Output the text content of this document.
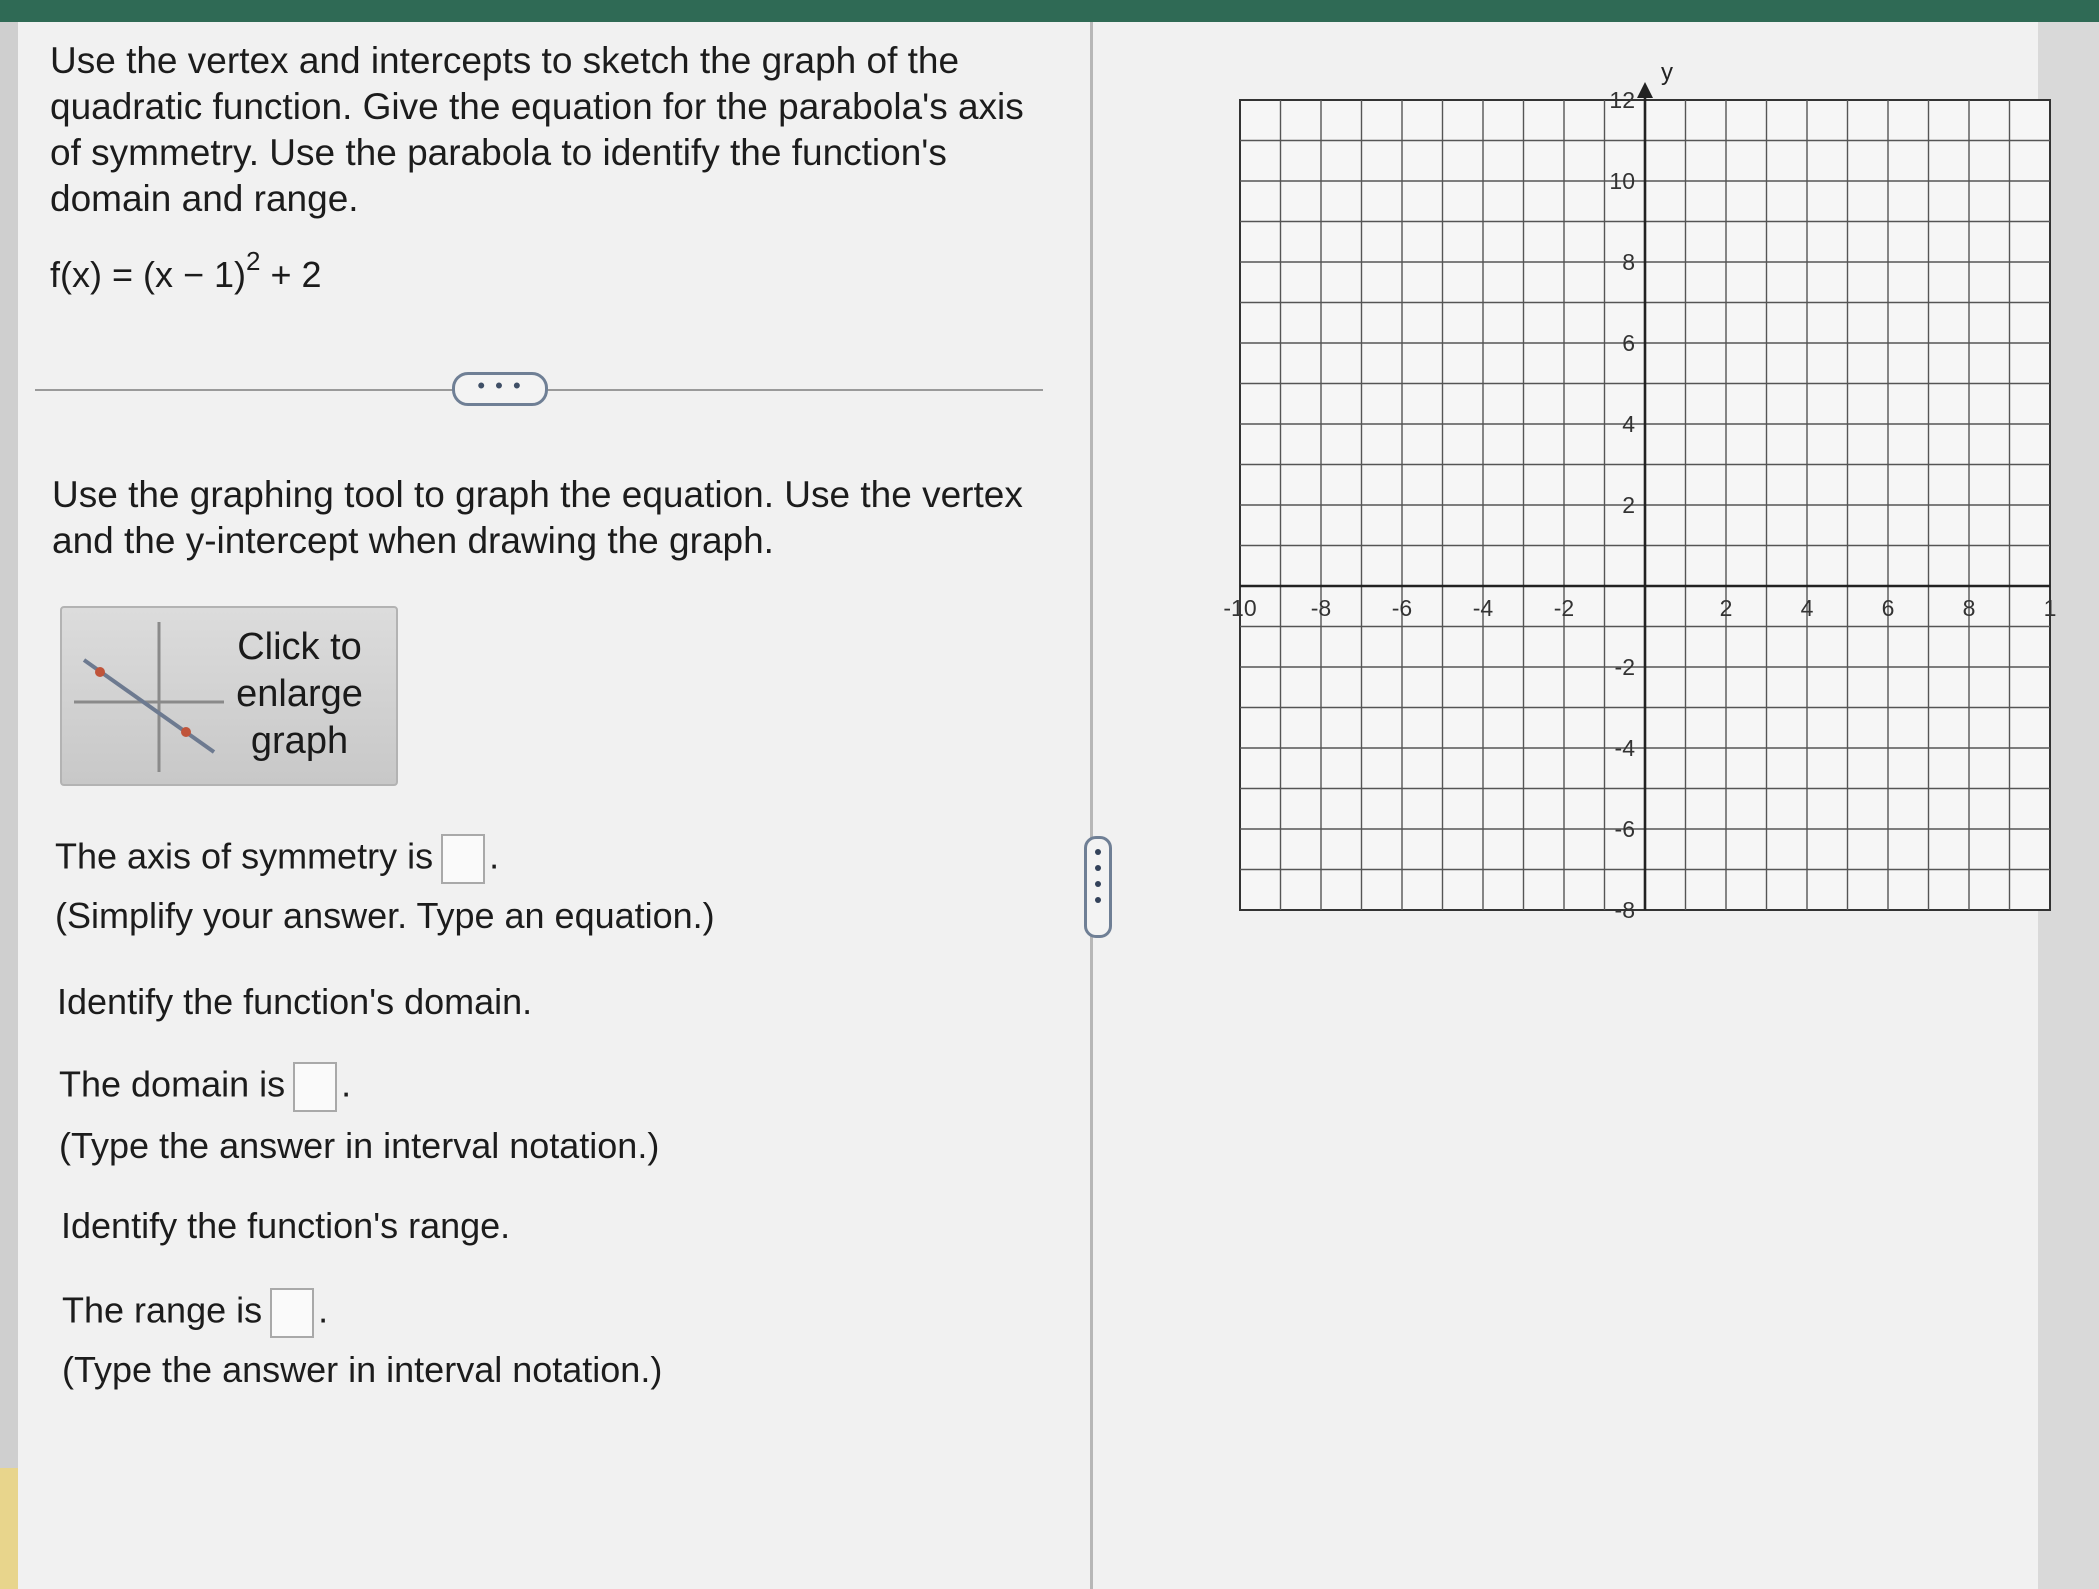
Use the vertex and intercepts to sketch the graph of the
quadratic function. Give the equation for the parabola's axis
of symmetry. Use the parabola to identify the function's
domain and range.
$f(x) = (x - 1)^2 + 2$
• • •
Use the graphing tool to graph the equation. Use the vertex
and the y-intercept when drawing the graph.
Click to
enlarge
graph
The axis of symmetry is .
(Simplify your answer. Type an equation.)
Identify the function's domain.
The domain is .
(Type the answer in interval notation.)
Identify the function's range.
The range is .
(Type the answer in interval notation.)
y
-10 -8	-6	-4	-2	2	4	6	8	1
12
10
8
6
4
2
-2
-4
-6
-8
